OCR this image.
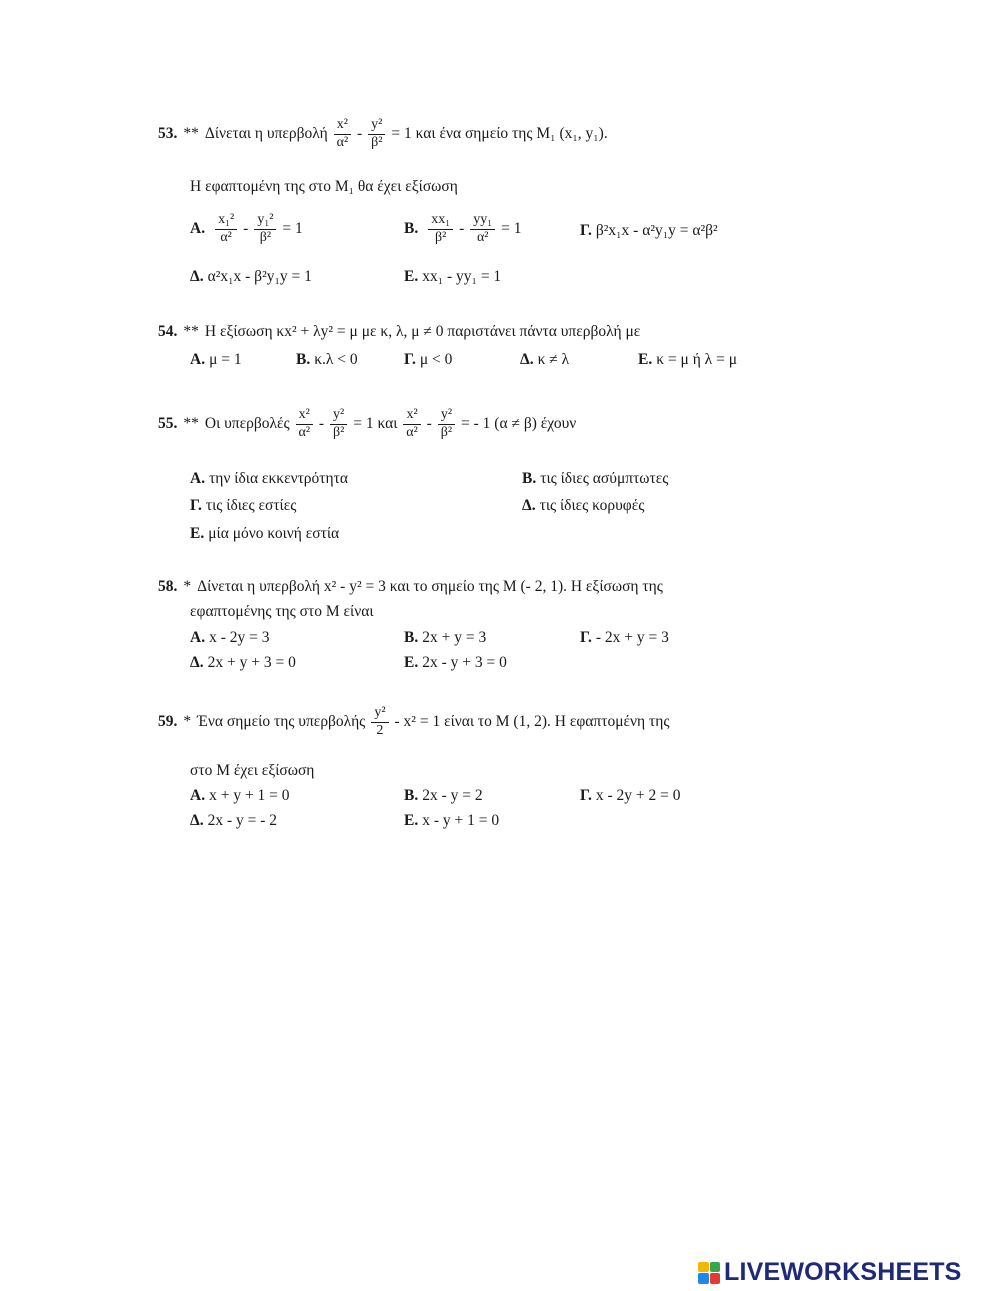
53. ** Δίνεται η υπερβολή $\frac{\text{x²}}{\text{α²}} - \frac{\text{y²}}{\text{β²}} = 1$ και ένα σημείο της M₁ (x₁, y₁).
Η εφαπτομένη της στο M₁ θα έχει εξίσωση
Α. $\frac{\text{x₁²}}{\text{α²}} - \frac{\text{y₁²}}{\text{β²}} = 1$	Β. $\frac{\text{xx₁}}{\text{β²}} - \frac{\text{yy₁}}{\text{α²}} = 1$	Γ. β²x₁x - α²y₁y = α²β²
Δ. α²x₁x - β²y₁y = 1	Ε. xx₁ - yy₁ = 1
54. ** Η εξίσωση κx² + λy² = μ με κ, λ, μ ≠ 0 παριστάνει πάντα υπερβολή με
Α. μ = 1	Β. κ.λ < 0	Γ. μ < 0	Δ. κ ≠ λ	Ε. κ = μ ή λ = μ
55. ** Οι υπερβολές $\frac{\text{x²}}{\text{α²}} - \frac{\text{y²}}{\text{β²}} = 1$ και $\frac{\text{x²}}{\text{α²}} - \frac{\text{y²}}{\text{β²}}$ = - 1 (α ≠ β) έχουν
Α. την ίδια εκκεντρότητα	Β. τις ίδιες ασύμπτωτες
Γ. τις ίδιες εστίες	Δ. τις ίδιες κορυφές
Ε. μία μόνο κοινή εστία
58. * Δίνεται η υπερβολή x² - y² = 3 και το σημείο της Μ (- 2, 1). Η εξίσωση της
εφαπτομένης της στο Μ είναι
Α. x - 2y = 3	Β. 2x + y = 3	Γ. - 2x + y = 3
Δ. 2x + y + 3 = 0	Ε. 2x - y + 3 = 0
59. * Ένα σημείο της υπερβολής $\frac{\text{y²}}{2} - x^2 = 1$ είναι το Μ (1, 2). Η εφαπτομένη της
στο Μ έχει εξίσωση
Α. x + y + 1 = 0	Β. 2x - y = 2	Γ. x - 2y + 2 = 0
Δ. 2x - y = - 2	Ε. x - y + 1 = 0
LIVEWORKSHEETS
